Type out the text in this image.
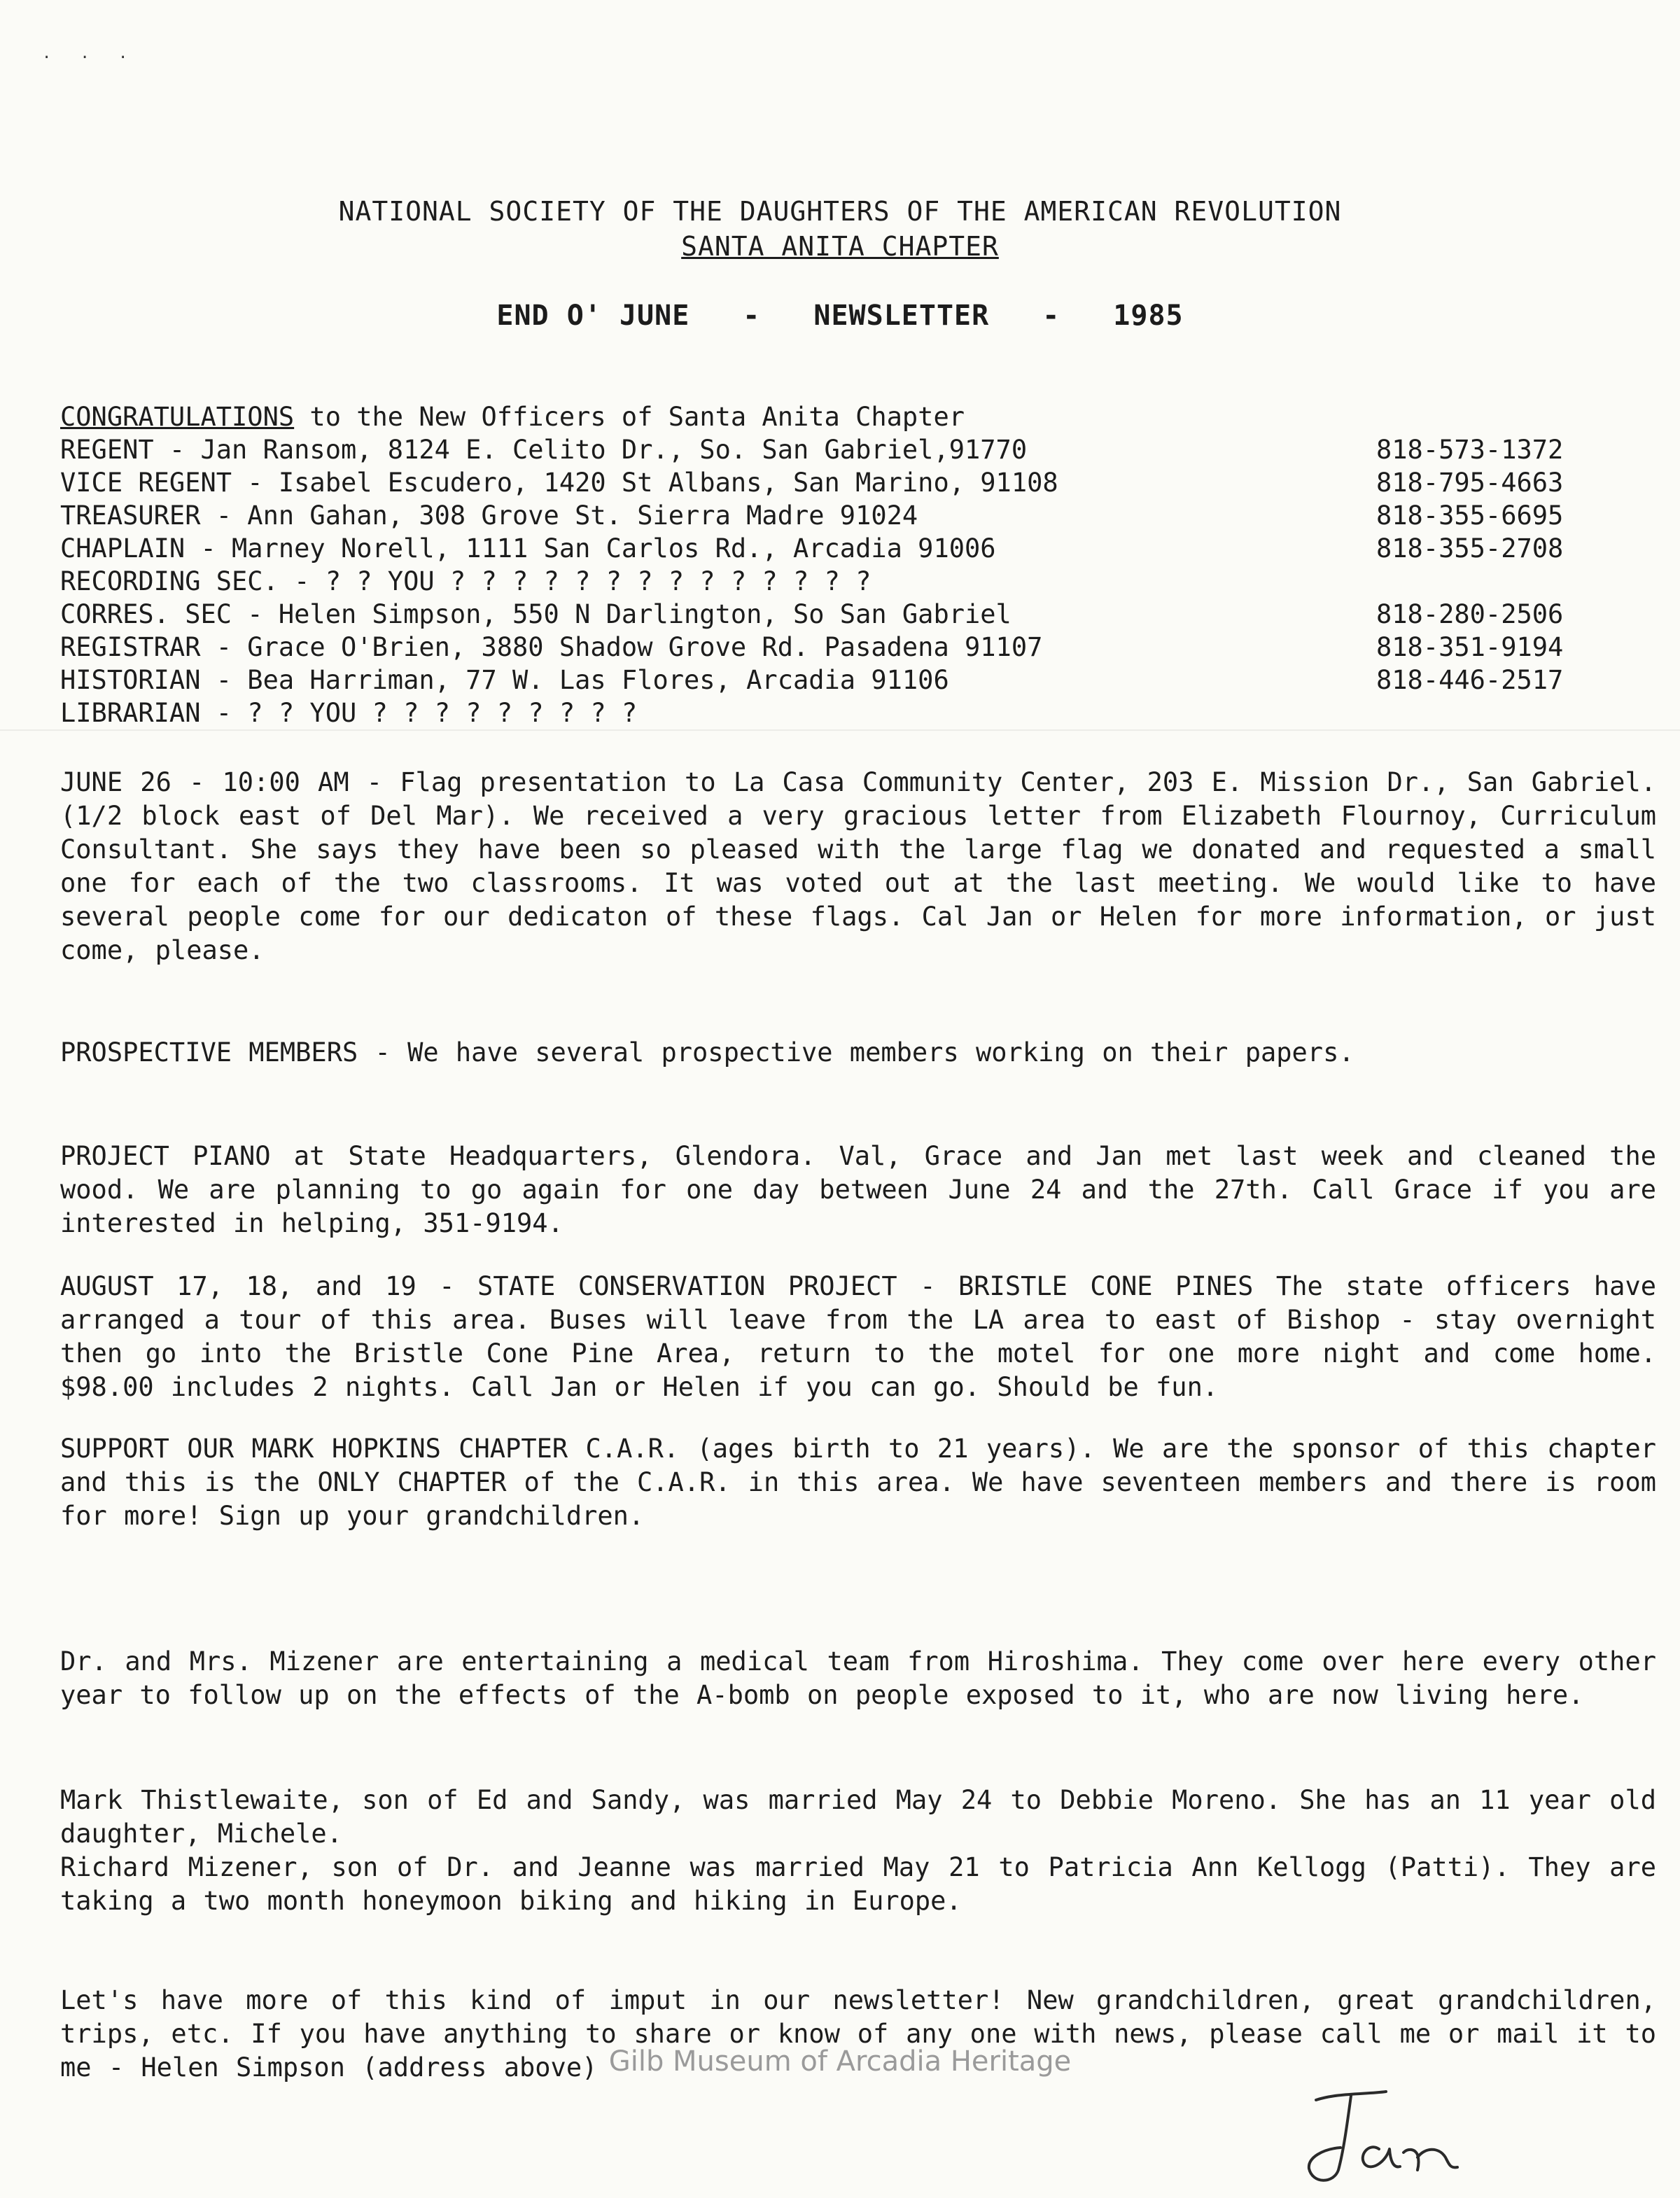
· · ·
NATIONAL SOCIETY OF THE DAUGHTERS OF THE AMERICAN REVOLUTION
SANTA ANITA CHAPTER
END O' JUNE - NEWSLETTER - 1985
CONGRATULATIONS to the New Officers of Santa Anita Chapter
REGENT - Jan Ransom, 8124 E. Celito Dr., So. San Gabriel,91770	818-573-1372
VICE REGENT - Isabel Escudero, 1420 St Albans, San Marino, 91108	818-795-4663
TREASURER - Ann Gahan, 308 Grove St. Sierra Madre 91024	818-355-6695
CHAPLAIN - Marney Norell, 1111 San Carlos Rd., Arcadia 91006	818-355-2708
RECORDING SEC. - ? ? YOU ? ? ? ? ? ? ? ? ? ? ? ? ? ?
CORRES. SEC - Helen Simpson, 550 N Darlington, So San Gabriel	818-280-2506
REGISTRAR - Grace O'Brien, 3880 Shadow Grove Rd. Pasadena 91107	818-351-9194
HISTORIAN - Bea Harriman, 77 W. Las Flores, Arcadia 91106	818-446-2517
LIBRARIAN - ? ? YOU ? ? ? ? ? ? ? ? ?
JUNE 26 - 10:00 AM - Flag presentation to La Casa Community Center, 203 E. Mission Dr., San Gabriel. (1/2 block east of Del Mar). We received a very gracious letter from Elizabeth Flournoy, Curriculum Consultant. She says they have been so pleased with the large flag we donated and requested a small one for each of the two classrooms. It was voted out at the last meeting. We would like to have several people come for our dedicaton of these flags. Cal Jan or Helen for more information, or just come, please.
PROSPECTIVE MEMBERS - We have several prospective members working on their papers.
PROJECT PIANO at State Headquarters, Glendora. Val, Grace and Jan met last week and cleaned the wood. We are planning to go again for one day between June 24 and the 27th. Call Grace if you are interested in helping, 351-9194.
AUGUST 17, 18, and 19 - STATE CONSERVATION PROJECT - BRISTLE CONE PINES The state officers have arranged a tour of this area. Buses will leave from the LA area to east of Bishop - stay overnight then go into the Bristle Cone Pine Area, return to the motel for one more night and come home. $98.00 includes 2 nights. Call Jan or Helen if you can go. Should be fun.
SUPPORT OUR MARK HOPKINS CHAPTER C.A.R. (ages birth to 21 years). We are the sponsor of this chapter and this is the ONLY CHAPTER of the C.A.R. in this area. We have seventeen members and there is room for more! Sign up your grandchildren.
Dr. and Mrs. Mizener are entertaining a medical team from Hiroshima. They come over here every other year to follow up on the effects of the A-bomb on people exposed to it, who are now living here.
Mark Thistlewaite, son of Ed and Sandy, was married May 24 to Debbie Moreno. She has an 11 year old daughter, Michele.
Richard Mizener, son of Dr. and Jeanne was married May 21 to Patricia Ann Kellogg (Patti). They are taking a two month honeymoon biking and hiking in Europe.
Let's have more of this kind of imput in our newsletter! New grandchildren, great grandchildren, trips, etc. If you have anything to share or know of any one with news, please call me or mail it to me - Helen Simpson (address above) Gilb Museum of Arcadia Heritage
